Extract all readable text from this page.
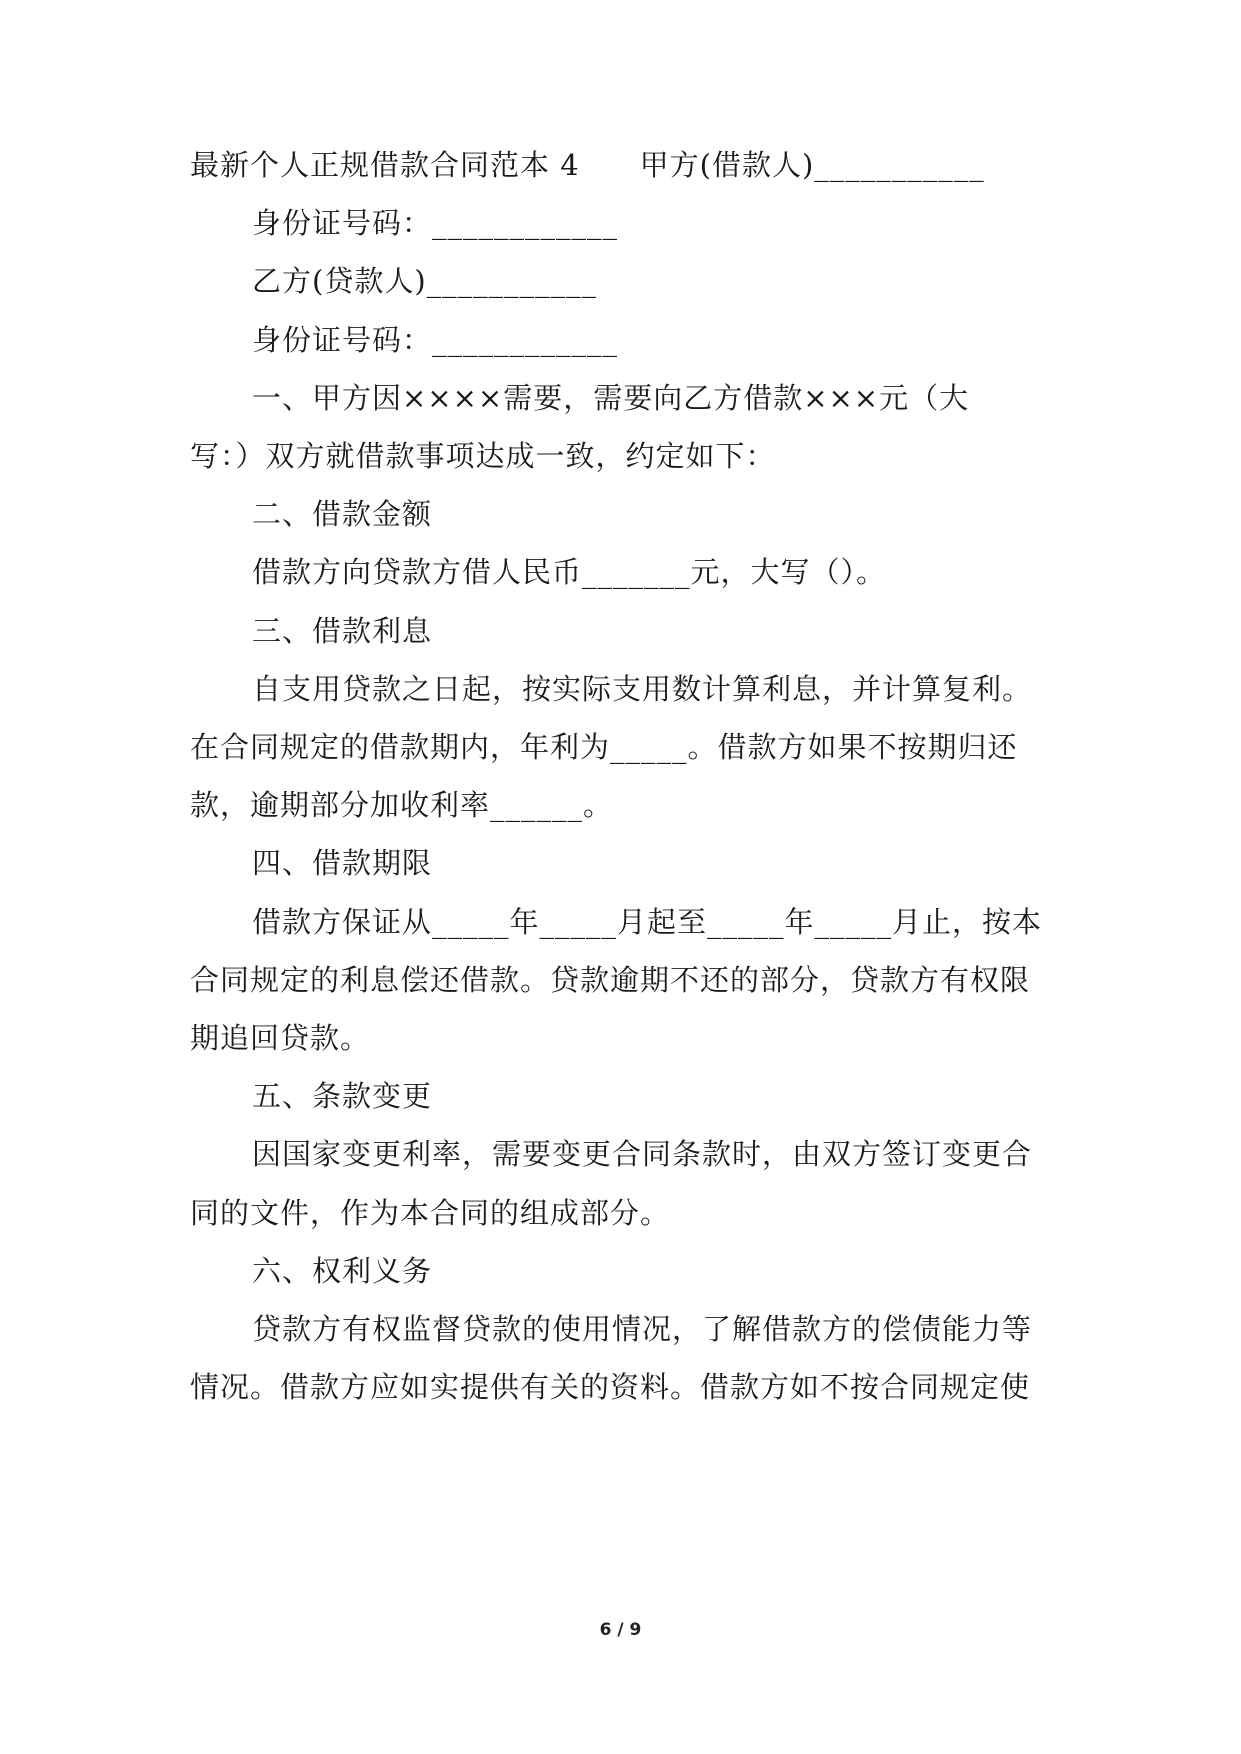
最新个人正规借款合同范本 4　　甲方(借款人)___________
身份证号码：____________
乙方(贷款人)___________
身份证号码：____________
一、甲方因××××需要，需要向乙方借款×××元（大
写：）双方就借款事项达成一致，约定如下：
二、借款金额
借款方向贷款方借人民币_______元，大写（）。
三、借款利息
自支用贷款之日起，按实际支用数计算利息，并计算复利。
在合同规定的借款期内，年利为_____。借款方如果不按期归还
款，逾期部分加收利率______。
四、借款期限
借款方保证从_____年_____月起至_____年_____月止，按本
合同规定的利息偿还借款。贷款逾期不还的部分，贷款方有权限
期追回贷款。
五、条款变更
因国家变更利率，需要变更合同条款时，由双方签订变更合
同的文件，作为本合同的组成部分。
六、权利义务
贷款方有权监督贷款的使用情况，了解借款方的偿债能力等
情况。借款方应如实提供有关的资料。借款方如不按合同规定使
6 / 9
